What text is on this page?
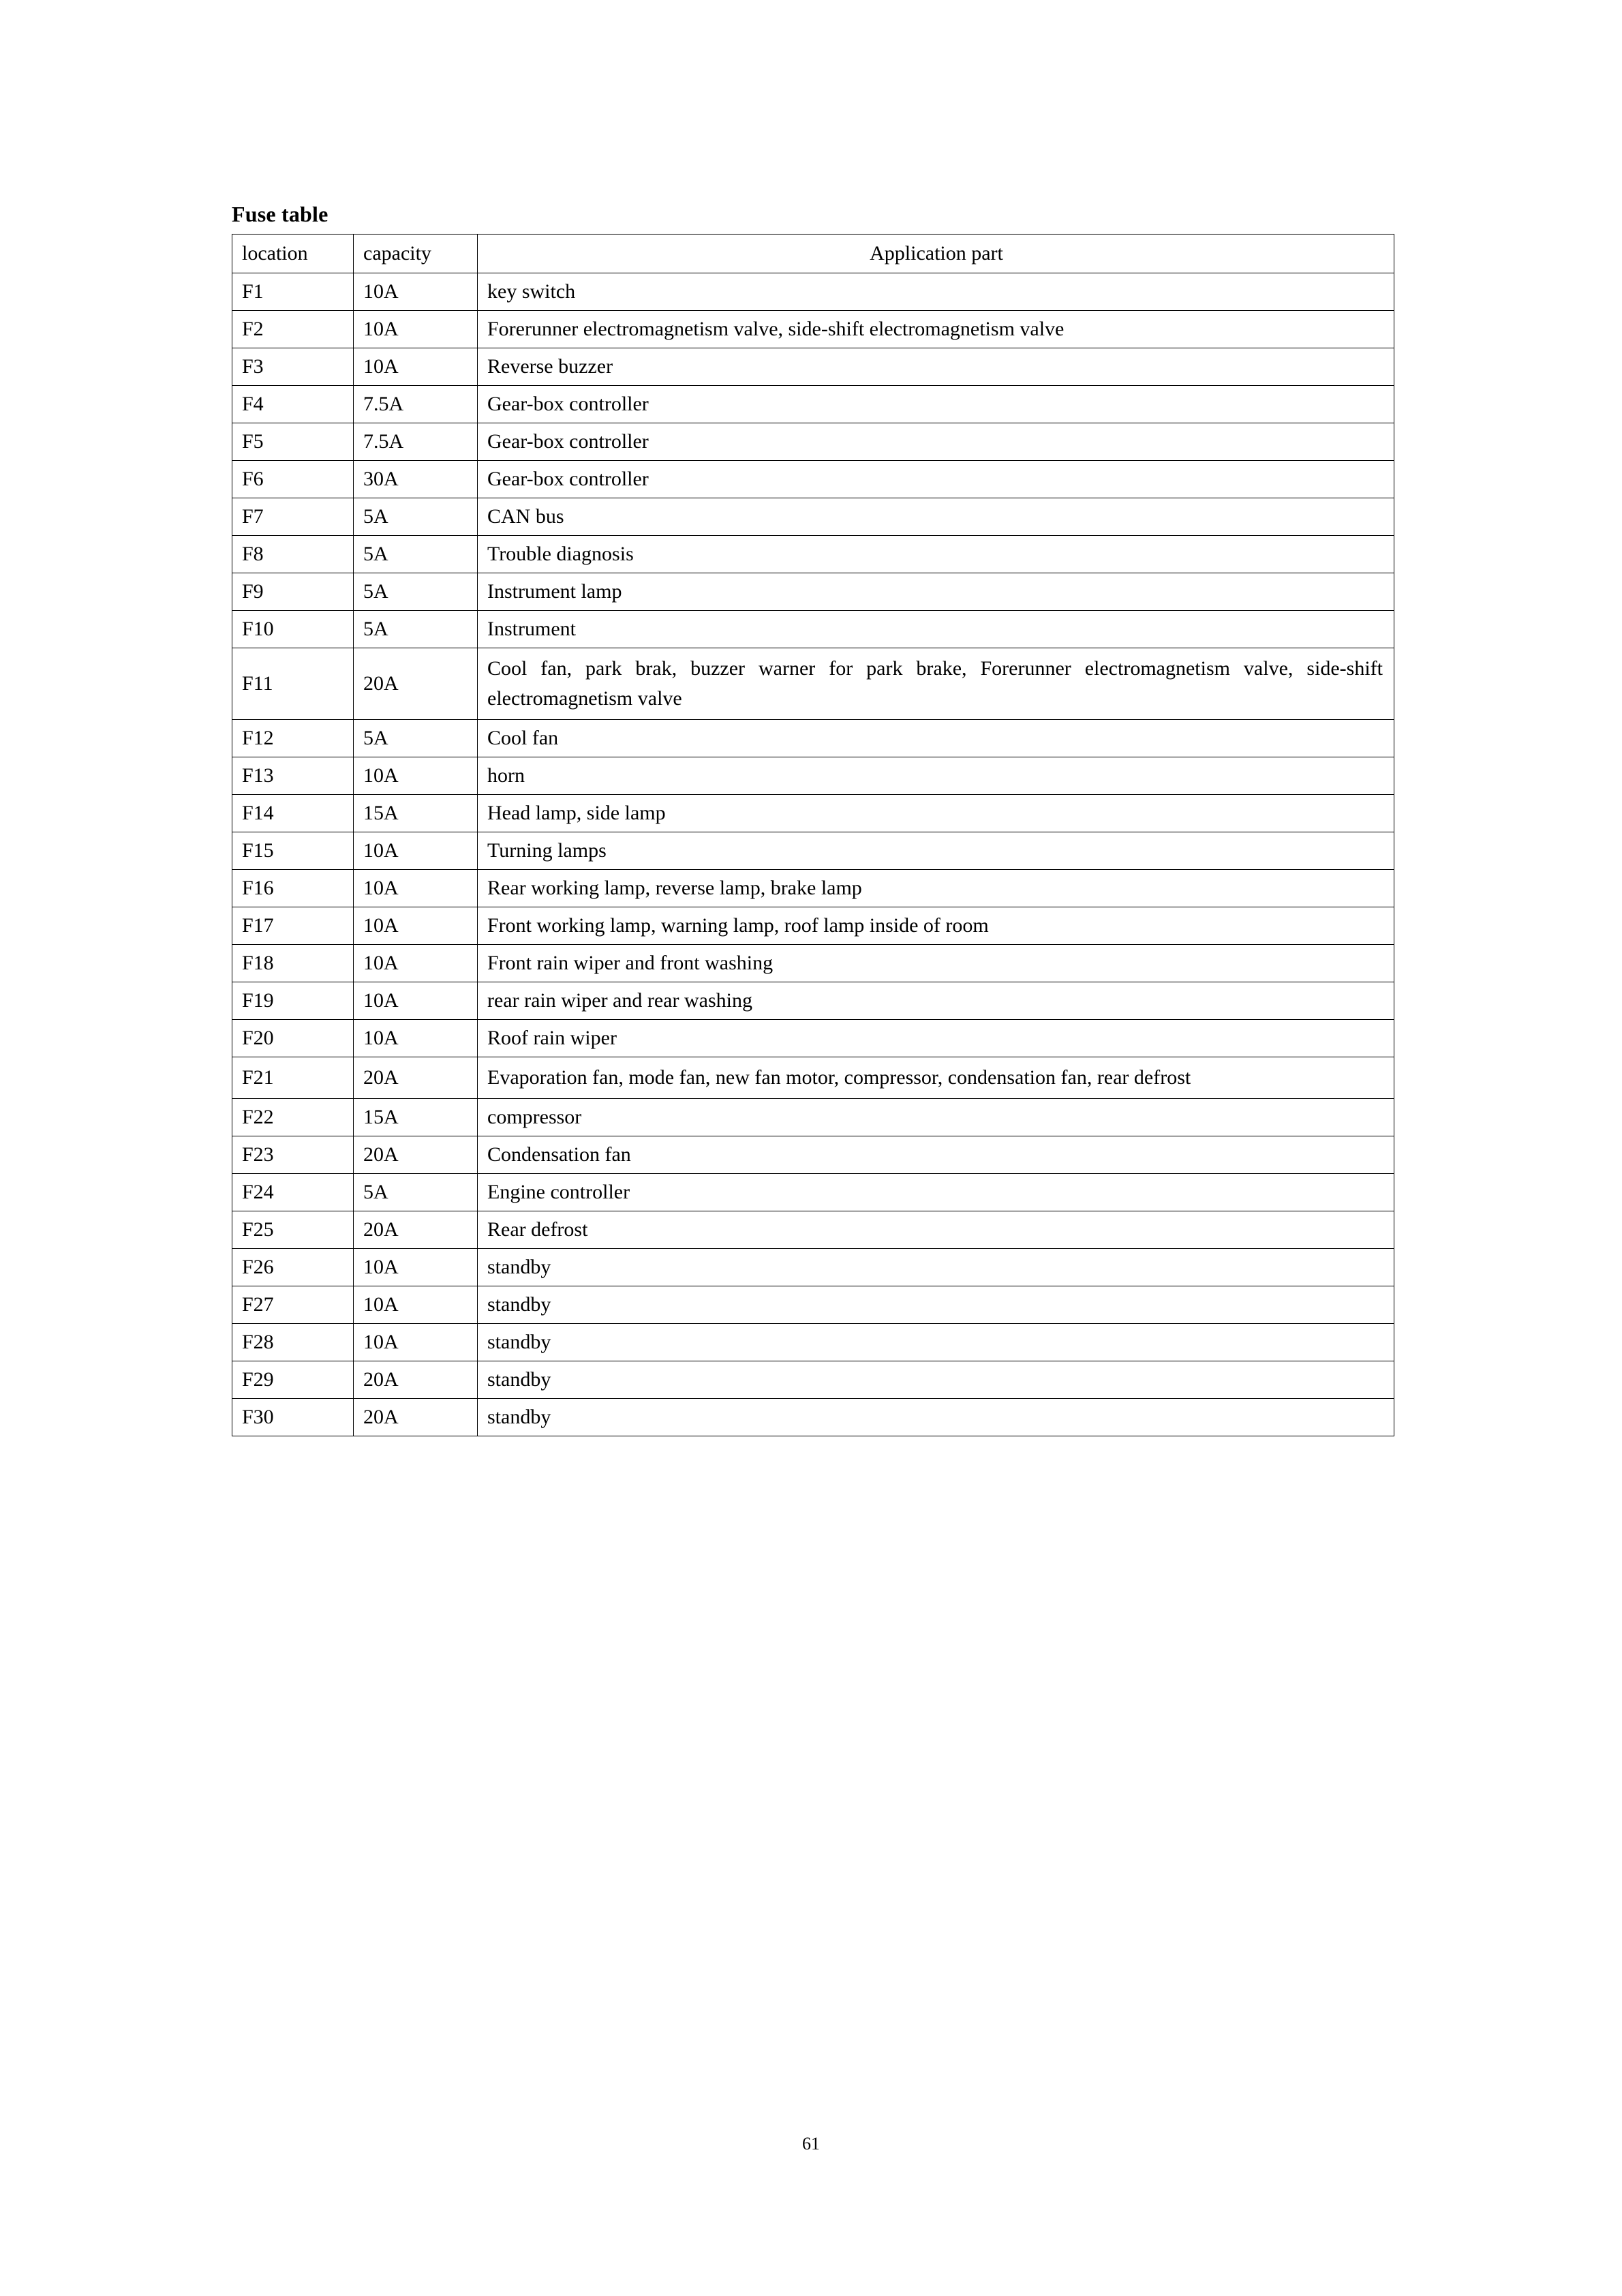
Fuse table
location	capacity	Application part

F1	10A	key switch

F2	10A	Forerunner electromagnetism valve, side-shift electromagnetism valve

F3	10A	Reverse buzzer

F4	7.5A	Gear-box controller

F5	7.5A	Gear-box controller

F6	30A	Gear-box controller

F7	5A	CAN bus

F8	5A	Trouble diagnosis

F9	5A	Instrument lamp

F10	5A	Instrument

F11	20A	Cool fan, park brak, buzzer warner for park brake, Forerunner electromagnetism valve, side-shift electromagnetism valve

F12	5A	Cool fan

F13	10A	horn

F14	15A	Head lamp, side lamp

F15	10A	Turning lamps

F16	10A	Rear working lamp, reverse lamp, brake lamp

F17	10A	Front working lamp, warning lamp, roof lamp inside of room

F18	10A	Front rain wiper and front washing

F19	10A	rear rain wiper and rear washing

F20	10A	Roof rain wiper

F21	20A	Evaporation fan, mode fan, new fan motor, compressor, condensation fan, rear defrost

F22	15A	compressor

F23	20A	Condensation fan

F24	5A	Engine controller

F25	20A	Rear defrost

F26	10A	standby

F27	10A	standby

F28	10A	standby

F29	20A	standby

F30	20A	standby
61
